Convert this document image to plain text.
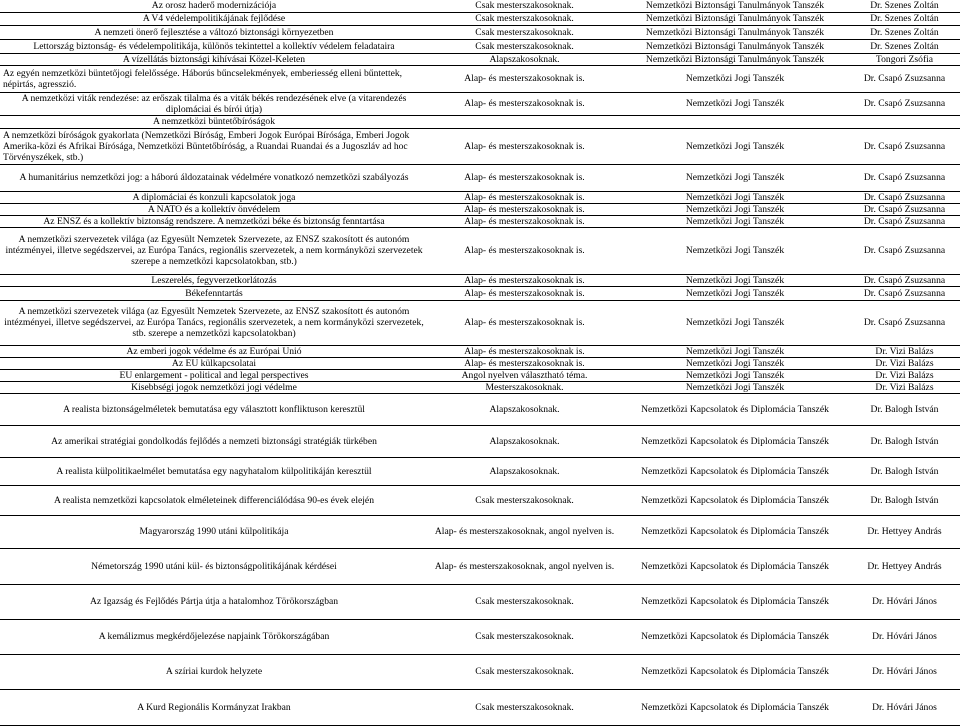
Az orosz haderő modernizációja	Csak mesterszakosoknak.	Nemzetközi Biztonsági Tanulmányok Tanszék	Dr. Szenes Zoltán
A V4 védelempolitikájának fejlődése	Csak mesterszakosoknak.	Nemzetközi Biztonsági Tanulmányok Tanszék	Dr. Szenes Zoltán
A nemzeti önerő fejlesztése a változó biztonsági környezetben	Csak mesterszakosoknak.	Nemzetközi Biztonsági Tanulmányok Tanszék	Dr. Szenes Zoltán
Lettország biztonság- és védelempolitikája, különös tekintettel a kollektív védelem feladataira	Csak mesterszakosoknak.	Nemzetközi Biztonsági Tanulmányok Tanszék	Dr. Szenes Zoltán
A vízellátás biztonsági kihívásai Közel-Keleten	Alapszakosoknak.	Nemzetközi Biztonsági Tanulmányok Tanszék	Tongori Zsófia
Az egyén nemzetközi büntetőjogi felelőssége. Háborús bűncselekmények, emberiesség elleni bűntettek, népirtás, agresszió.	Alap- és mesterszakosoknak is.	Nemzetközi Jogi Tanszék	Dr. Csapó Zsuzsanna
A nemzetközi viták rendezése: az erőszak tilalma és a viták békés rendezésének elve (a vitarendezés diplomáciai és bírói útja)	Alap- és mesterszakosoknak is.	Nemzetközi Jogi Tanszék	Dr. Csapó Zsuzsanna
A nemzetközi büntetőbíróságok			
A nemzetközi bíróságok gyakorlata (Nemzetközi Bíróság, Emberi Jogok Európai Bírósága, Emberi Jogok Amerika-közi és Afrikai Bírósága, Nemzetközi Büntetőbíróság, a Ruandai Ruandai és a Jugoszláv ad hoc Törvényszékek, stb.)	Alap- és mesterszakosoknak is.	Nemzetközi Jogi Tanszék	Dr. Csapó Zsuzsanna
A humanitárius nemzetközi jog: a háború áldozatainak védelmére vonatkozó nemzetközi szabályozás	Alap- és mesterszakosoknak is.	Nemzetközi Jogi Tanszék	Dr. Csapó Zsuzsanna
A diplomáciai és konzuli kapcsolatok joga	Alap- és mesterszakosoknak is.	Nemzetközi Jogi Tanszék	Dr. Csapó Zsuzsanna
A NATO és a kollektív önvédelem	Alap- és mesterszakosoknak is.	Nemzetközi Jogi Tanszék	Dr. Csapó Zsuzsanna
Az ENSZ és a kollektív biztonság rendszere. A nemzetközi béke és biztonság fenntartása	Alap- és mesterszakosoknak is.	Nemzetközi Jogi Tanszék	Dr. Csapó Zsuzsanna
A nemzetközi szervezetek világa (az Egyesült Nemzetek Szervezete, az ENSZ szakosított és autonóm intézményei, illetve segédszervei, az Európa Tanács, regionális szervezetek, a nem kormányközi szervezetek szerepe a nemzetközi kapcsolatokban, stb.)	Alap- és mesterszakosoknak is.	Nemzetközi Jogi Tanszék	Dr. Csapó Zsuzsanna
Leszerelés, fegyverzetkorlátozás	Alap- és mesterszakosoknak is.	Nemzetközi Jogi Tanszék	Dr. Csapó Zsuzsanna
Békefenntartás	Alap- és mesterszakosoknak is.	Nemzetközi Jogi Tanszék	Dr. Csapó Zsuzsanna
A nemzetközi szervezetek világa (az Egyesült Nemzetek Szervezete, az ENSZ szakosított és autonóm intézményei, illetve segédszervei, az Európa Tanács, regionális szervezetek, a nem kormányközi szervezetek, stb. szerepe a nemzetközi kapcsolatokban)	Alap- és mesterszakosoknak is.	Nemzetközi Jogi Tanszék	Dr. Csapó Zsuzsanna
Az emberi jogok védelme és az Európai Unió	Alap- és mesterszakosoknak is.	Nemzetközi Jogi Tanszék	Dr. Vizi Balázs
Az EU külkapcsolatai	Alap- és mesterszakosoknak is.	Nemzetközi Jogi Tanszék	Dr. Vizi Balázs
EU enlargement - political and legal perspectives	Angol nyelven választható téma.	Nemzetközi Jogi Tanszék	Dr. Vizi Balázs
Kisebbségi jogok nemzetközi jogi védelme	Mesterszakosoknak.	Nemzetközi Jogi Tanszék	Dr. Vizi Balázs
A realista biztonságelméletek bemutatása egy választott konfliktuson keresztül	Alapszakosoknak.	Nemzetközi Kapcsolatok és Diplomácia Tanszék	Dr. Balogh István
Az amerikai stratégiai gondolkodás fejlődés a nemzeti biztonsági stratégiák türkében	Alapszakosoknak.	Nemzetközi Kapcsolatok és Diplomácia Tanszék	Dr. Balogh István
A realista külpolitikaelmélet bemutatása egy nagyhatalom külpolitikáján keresztül	Alapszakosoknak.	Nemzetközi Kapcsolatok és Diplomácia Tanszék	Dr. Balogh István
A realista nemzetközi kapcsolatok elméleteinek differenciálódása 90-es évek elején	Csak mesterszakosoknak.	Nemzetközi Kapcsolatok és Diplomácia Tanszék	Dr. Balogh István
Magyarország 1990 utáni külpolitikája	Alap- és mesterszakosoknak, angol nyelven is.	Nemzetközi Kapcsolatok és Diplomácia Tanszék	Dr. Hettyey András
Németország 1990 utáni kül- és biztonságpolitikájának kérdései	Alap- és mesterszakosoknak, angol nyelven is.	Nemzetközi Kapcsolatok és Diplomácia Tanszék	Dr. Hettyey András
Az Igazság és Fejlődés Pártja útja a hatalomhoz Törökországban	Csak mesterszakosoknak.	Nemzetközi Kapcsolatok és Diplomácia Tanszék	Dr. Hóvári János
A kemálizmus megkérdőjelezése napjaink Törökországában	Csak mesterszakosoknak.	Nemzetközi Kapcsolatok és Diplomácia Tanszék	Dr. Hóvári János
A szíriai kurdok helyzete	Csak mesterszakosoknak.	Nemzetközi Kapcsolatok és Diplomácia Tanszék	Dr. Hóvári János
A Kurd Regionális Kormányzat Irakban	Csak mesterszakosoknak.	Nemzetközi Kapcsolatok és Diplomácia Tanszék	Dr. Hóvári János
